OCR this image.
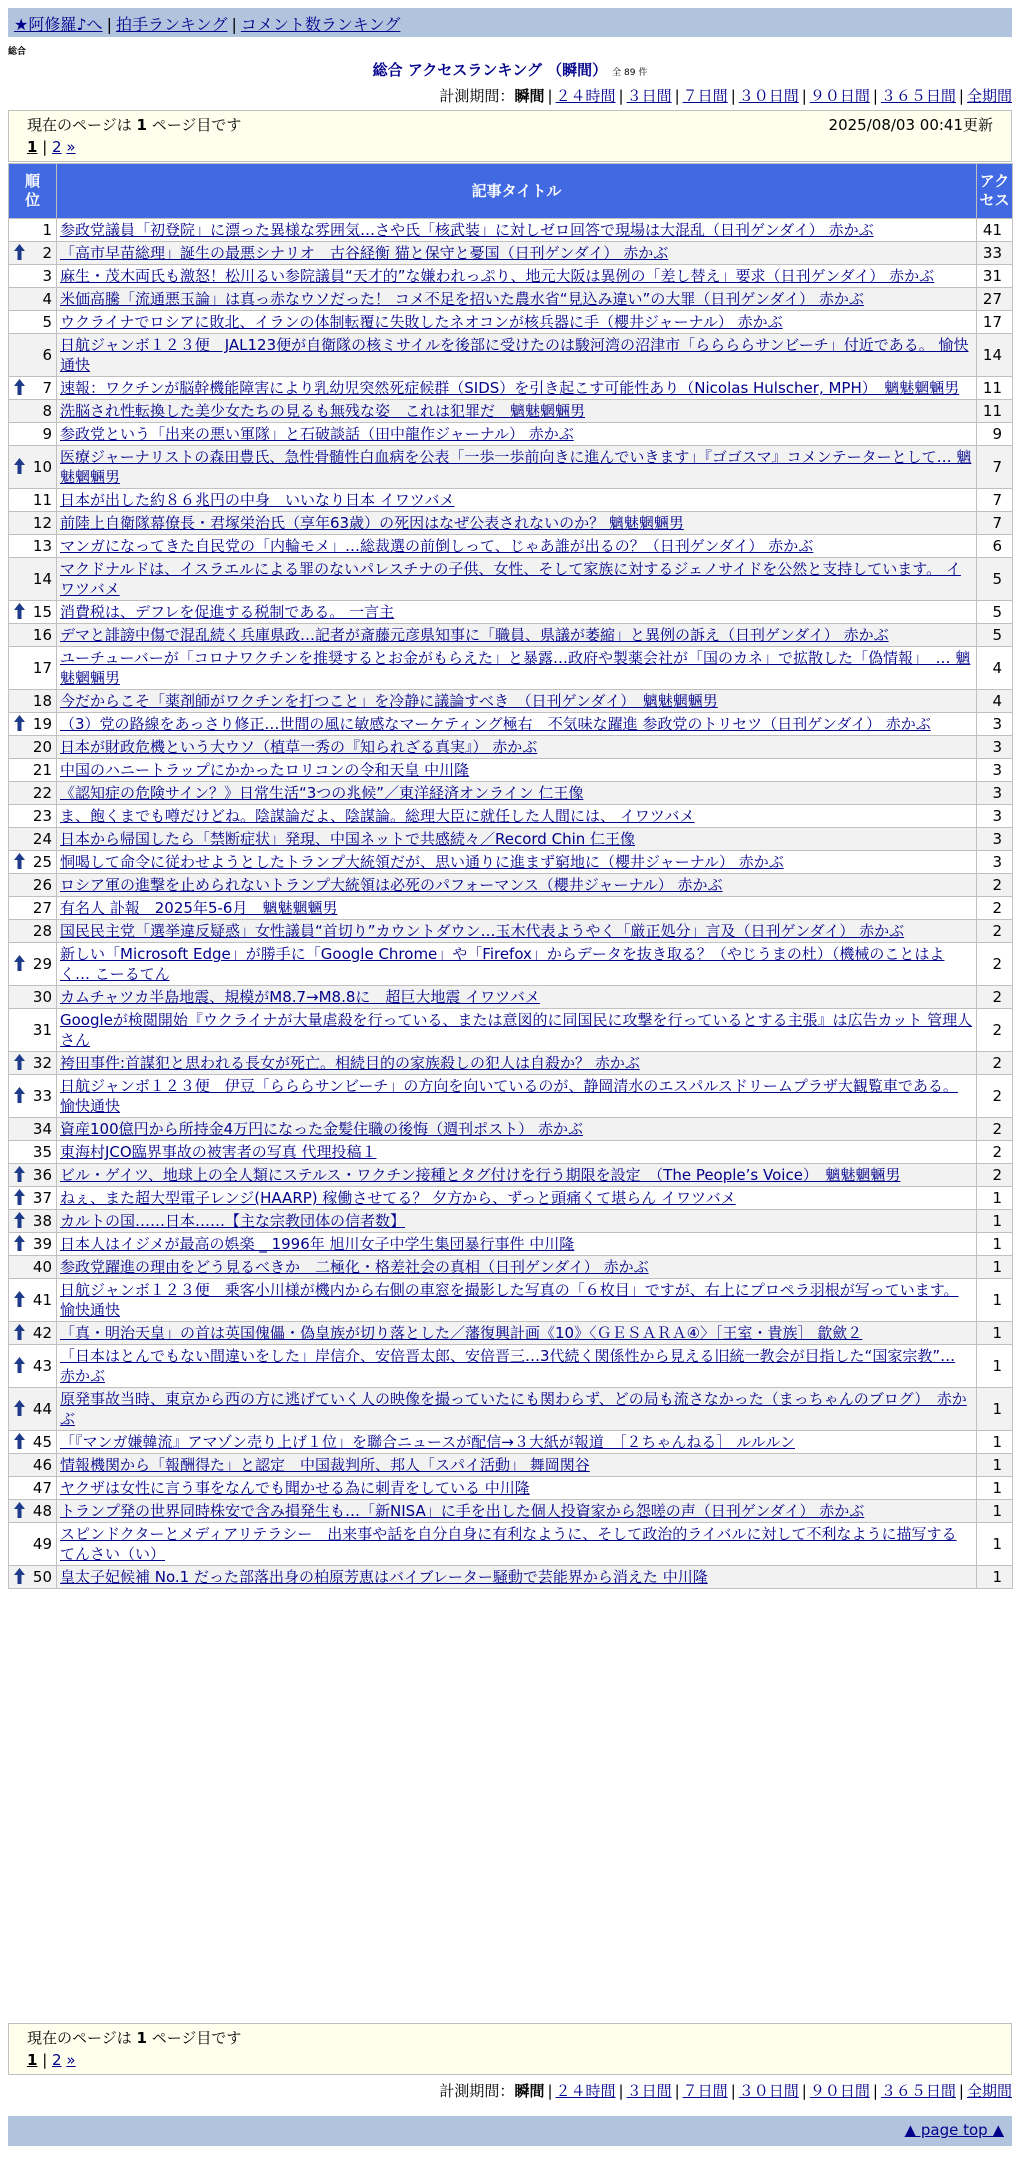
★阿修羅♪へ | 拍手ランキング | コメント数ランキング
総合
総合 アクセスランキング （瞬間） 全 89 件
計測期間：瞬間 | ２４時間 | ３日間 | ７日間 | ３０日間 | ９０日間 | ３６５日間 | 全期間
現在のページは 1 ページ目です	2025/08/03 00:41更新
1 | 2 »
順位	記事タイトル	アクセス
1	参政党議員「初登院」に漂った異様な雰囲気…さや氏「核武装」に対しゼロ回答で現場は大混乱（日刊ゲンダイ） 赤かぶ	41

2	「高市早苗総理」誕生の最悪シナリオ　古谷経衡 猫と保守と憂国（日刊ゲンダイ） 赤かぶ	33
3	麻生・茂木両氏も激怒！松川るい参院議員“天才的”な嫌われっぷり、地元大阪は異例の「差し替え」要求（日刊ゲンダイ） 赤かぶ	31
4	米価高騰「流通悪玉論」は真っ赤なウソだった！ コメ不足を招いた農水省“見込み違い”の大罪（日刊ゲンダイ） 赤かぶ	27
5	ウクライナでロシアに敗北、イランの体制転覆に失敗したネオコンが核兵器に手（櫻井ジャーナル） 赤かぶ	17
6	日航ジャンボ１２３便　JAL123便が自衛隊の核ミサイルを後部に受けたのは駿河湾の沼津市「ららららサンビーチ」付近である。 愉快通快	14

7	速報：ワクチンが脳幹機能障害により乳幼児突然死症候群（SIDS）を引き起こす可能性あり（Nicolas Hulscher, MPH）　魑魅魍魎男	11
8	洗脳され性転換した美少女たちの見るも無残な姿　これは犯罪だ　魑魅魍魎男	11
9	参政党という「出来の悪い軍隊」と石破談話（田中龍作ジャーナル） 赤かぶ	9

10	医療ジャーナリストの森田豊氏、急性骨髄性白血病を公表「一歩一歩前向きに進んでいきます」『ゴゴスマ』コメンテーターとして… 魑魅魍魎男	7
11	日本が出した約８６兆円の中身　いいなり日本 イワツバメ	7
12	前陸上自衛隊幕僚長・君塚栄治氏（享年63歳）の死因はなぜ公表されないのか？ 魑魅魍魎男	7
13	マンガになってきた自民党の「内輪モメ」…総裁選の前倒しって、じゃあ誰が出るの？（日刊ゲンダイ） 赤かぶ	6
14	マクドナルドは、イスラエルによる罪のないパレスチナの子供、女性、そして家族に対するジェノサイドを公然と支持しています。 イワツバメ	5

15	消費税は、デフレを促進する税制である。 一言主	5
16	デマと誹謗中傷で混乱続く兵庫県政…記者が斎藤元彦県知事に「職員、県議が萎縮」と異例の訴え（日刊ゲンダイ） 赤かぶ	5
17	ユーチューバーが「コロナワクチンを推奨するとお金がもらえた」と暴露…政府や製薬会社が「国のカネ」で拡散した「偽情報」　… 魑魅魍魎男	4
18	今だからこそ「薬剤師がワクチンを打つこと」を冷静に議論すべき　（日刊ゲンダイ）　魑魅魍魎男	4

19	（3）党の路線をあっさり修正…世間の風に敏感なマーケティング極右　不気味な躍進 参政党のトリセツ（日刊ゲンダイ） 赤かぶ	3
20	日本が財政危機という大ウソ（植草一秀の『知られざる真実』） 赤かぶ	3
21	中国のハニートラップにかかったロリコンの令和天皇 中川隆	3
22	《認知症の危険サイン？》日常生活“3つの兆候”／東洋経済オンライン 仁王像	3
23	ま、飽くまでも噂だけどね。陰謀論だよ、陰謀論。総理大臣に就任した人間には、 イワツバメ	3
24	日本から帰国したら「禁断症状」発現、中国ネットで共感続々／Record Chin 仁王像	3

25	恫喝して命令に従わせようとしたトランプ大統領だが、思い通りに進まず窮地に（櫻井ジャーナル） 赤かぶ	3
26	ロシア軍の進撃を止められないトランプ大統領は必死のパフォーマンス（櫻井ジャーナル） 赤かぶ	2
27	有名人 訃報　2025年5-6月　魑魅魍魎男	2
28	国民民主党「選挙違反疑惑」女性議員“首切り”カウントダウン…玉木代表ようやく「厳正処分」言及（日刊ゲンダイ） 赤かぶ	2

29	新しい「Microsoft Edge」が勝手に「Google Chrome」や「Firefox」からデータを抜き取る？（やじうまの杜）（機械のことはよく… こーるてん	2
30	カムチャツカ半島地震、規模がM8.7→M8.8に　超巨大地震 イワツバメ	2
31	Googleが検閲開始『ウクライナが大量虐殺を行っている、または意図的に同国民に攻撃を行っているとする主張』は広告カット 管理人さん	2

32	袴田事件:首謀犯と思われる長女が死亡。相続目的の家族殺しの犯人は自殺か？ 赤かぶ	2

33	日航ジャンボ１２３便　伊豆「らららサンビーチ」の方向を向いているのが、静岡清水のエスパルスドリームプラザ大観覧車である。 愉快通快	2
34	資産100億円から所持金4万円になった金髪住職の後悔（週刊ポスト） 赤かぶ	2
35	東海村JCO臨界事故の被害者の写真 代理投稿１	2

36	ビル・ゲイツ、地球上の全人類にステルス・ワクチン接種とタグ付けを行う期限を設定　（The People’s Voice）　魑魅魍魎男	2

37	ねぇ、また超大型電子レンジ(HAARP) 稼働させてる？ 夕方から、ずっと頭痛くて堪らん イワツバメ	1

38	カルトの国……日本……【主な宗教団体の信者数】	1

39	日本人はイジメが最高の娯楽 _ 1996年 旭川女子中学生集団暴行事件 中川隆	1
40	参政党躍進の理由をどう見るべきか　二極化・格差社会の真相（日刊ゲンダイ） 赤かぶ	1

41	日航ジャンボ１２３便　乗客小川様が機内から右側の車窓を撮影した写真の「６枚目」ですが、右上にプロペラ羽根が写っています。 愉快通快	1

42	「真・明治天皇」の首は英国傀儡・偽皇族が切り落とした／藩復興計画《10》〈ＧＥＳＡＲＡ④〉［王室・貴族］ 歙歛２	1

43	「日本はとんでもない間違いをした」岸信介、安倍晋太郎、安倍晋三…3代続く関係性から見える旧統一教会が目指した“国家宗教”… 赤かぶ	1

44	原発事故当時、東京から西の方に逃げていく人の映像を撮っていたにも関わらず、どの局も流さなかった（まっちゃんのブログ）　赤かぶ	1

45	「『マンガ嫌韓流』アマゾン売り上げ１位」を聯合ニュースが配信→３大紙が報道　［２ちゃんねる］ ルルルン	1
46	情報機関から「報酬得た」と認定　中国裁判所、邦人「スパイ活動」 舞岡関谷	1
47	ヤクザは女性に言う事をなんでも聞かせる為に刺青をしている 中川隆	1

48	トランプ発の世界同時株安で含み損発生も…「新NISA」に手を出した個人投資家から怨嗟の声（日刊ゲンダイ） 赤かぶ	1
49	スピンドクターとメディアリテラシー　出来事や話を自分自身に有利なように、そして政治的ライバルに対して不利なように描写する てんさい（い）	1

50	皇太子妃候補 No.1 だった部落出身の柏原芳恵はバイブレーター騒動で芸能界から消えた 中川隆	1
現在のページは 1 ページ目です
1 | 2 »
計測期間：瞬間 | ２４時間 | ３日間 | ７日間 | ３０日間 | ９０日間 | ３６５日間 | 全期間
▲ page top ▲
